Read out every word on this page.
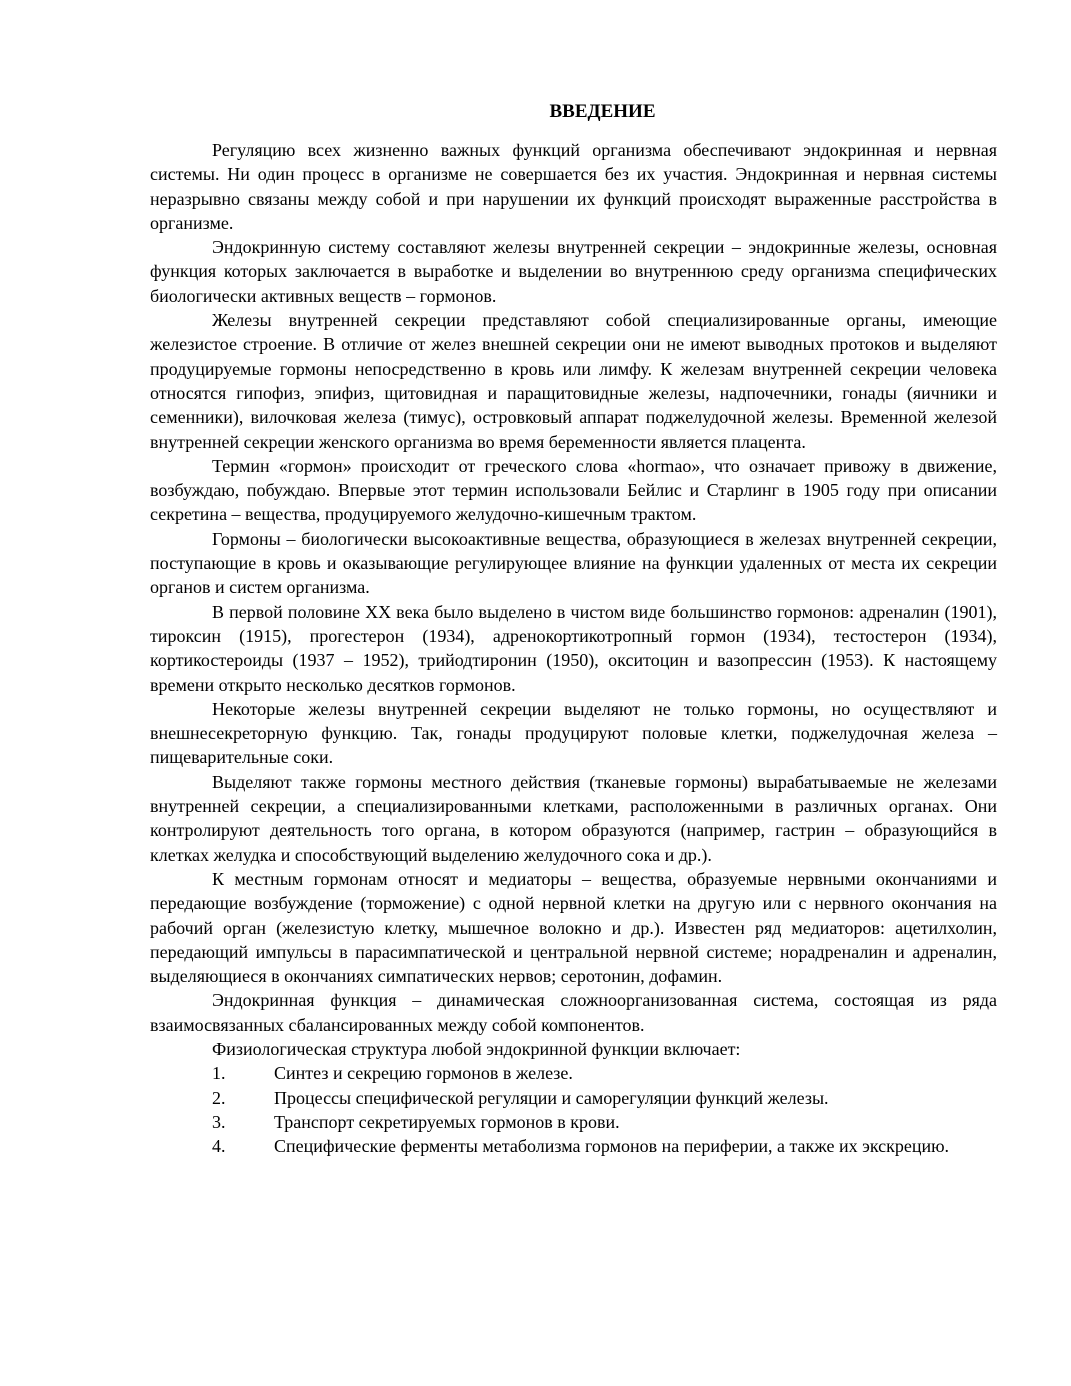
ВВЕДЕНИЕ

Регуляцию всех жизненно важных функций организма обеспечивают эндокринная и нервная системы. Ни один процесс в организме не совершается без их участия. Эндокринная и нервная системы неразрывно связаны между собой и при нарушении их функций происходят выраженные расстройства в организме.

Эндокринную систему составляют железы внутренней секреции – эндокринные железы, основная функция которых заключается в выработке и выделении во внутреннюю среду организма специфических биологически активных веществ – гормонов.

Железы внутренней секреции представляют собой специализированные органы, имеющие железистое строение. В отличие от желез внешней секреции они не имеют выводных протоков и выделяют продуцируемые гормоны непосредственно в кровь или лимфу. К железам внутренней секреции человека относятся гипофиз, эпифиз, щитовидная и паращитовидные железы, надпочечники, гонады (яичники и семенники), вилочковая железа (тимус), островковый аппарат поджелудочной железы. Временной железой внутренней секреции женского организма во время беременности является плацента.

Термин «гормон» происходит от греческого слова «hormao», что означает привожу в движение, возбуждаю, побуждаю. Впервые этот термин использовали Бейлис и Старлинг в 1905 году при описании секретина – вещества, продуцируемого желудочно-кишечным трактом.

Гормоны – биологически высокоактивные вещества, образующиеся в железах внутренней секреции, поступающие в кровь и оказывающие регулирующее влияние на функции удаленных от места их секреции органов и систем организма.

В первой половине XX века было выделено в чистом виде большинство гормонов: адреналин (1901), тироксин (1915), прогестерон (1934), адренокортикотропный гормон (1934), тестостерон (1934), кортикостероиды (1937 – 1952), трийодтиронин (1950), окситоцин и вазопрессин (1953). К настоящему времени открыто несколько десятков гормонов.

Некоторые железы внутренней секреции выделяют не только гормоны, но осуществляют и внешнесекреторную функцию. Так, гонады продуцируют половые клетки, поджелудочная железа – пищеварительные соки.

Выделяют также гормоны местного действия (тканевые гормоны) вырабатываемые не железами внутренней секреции, а специализированными клетками, расположенными в различных органах. Они контролируют деятельность того органа, в котором образуются (например, гастрин – образующийся в клетках желудка и способствующий выделению желудочного сока и др.).

К местным гормонам относят и медиаторы – вещества, образуемые нервными окончаниями и передающие возбуждение (торможение) с одной нервной клетки на другую или с нервного окончания на рабочий орган (железистую клетку, мышечное волокно и др.). Известен ряд медиаторов: ацетилхолин, передающий импульсы в парасимпатической и центральной нервной системе; норадреналин и адреналин, выделяющиеся в окончаниях симпатических нервов; серотонин, дофамин.

Эндокринная функция – динамическая сложноорганизованная система, состоящая из ряда взаимосвязанных сбалансированных между собой компонентов.

Физиологическая структура любой эндокринной функции включает:

1.	Синтез и секрецию гормонов в железе.

2.	Процессы специфической регуляции и саморегуляции функций железы.

3.	Транспорт секретируемых гормонов в крови.

4.	Специфические ферменты метаболизма гормонов на периферии, а также их экскрецию.
